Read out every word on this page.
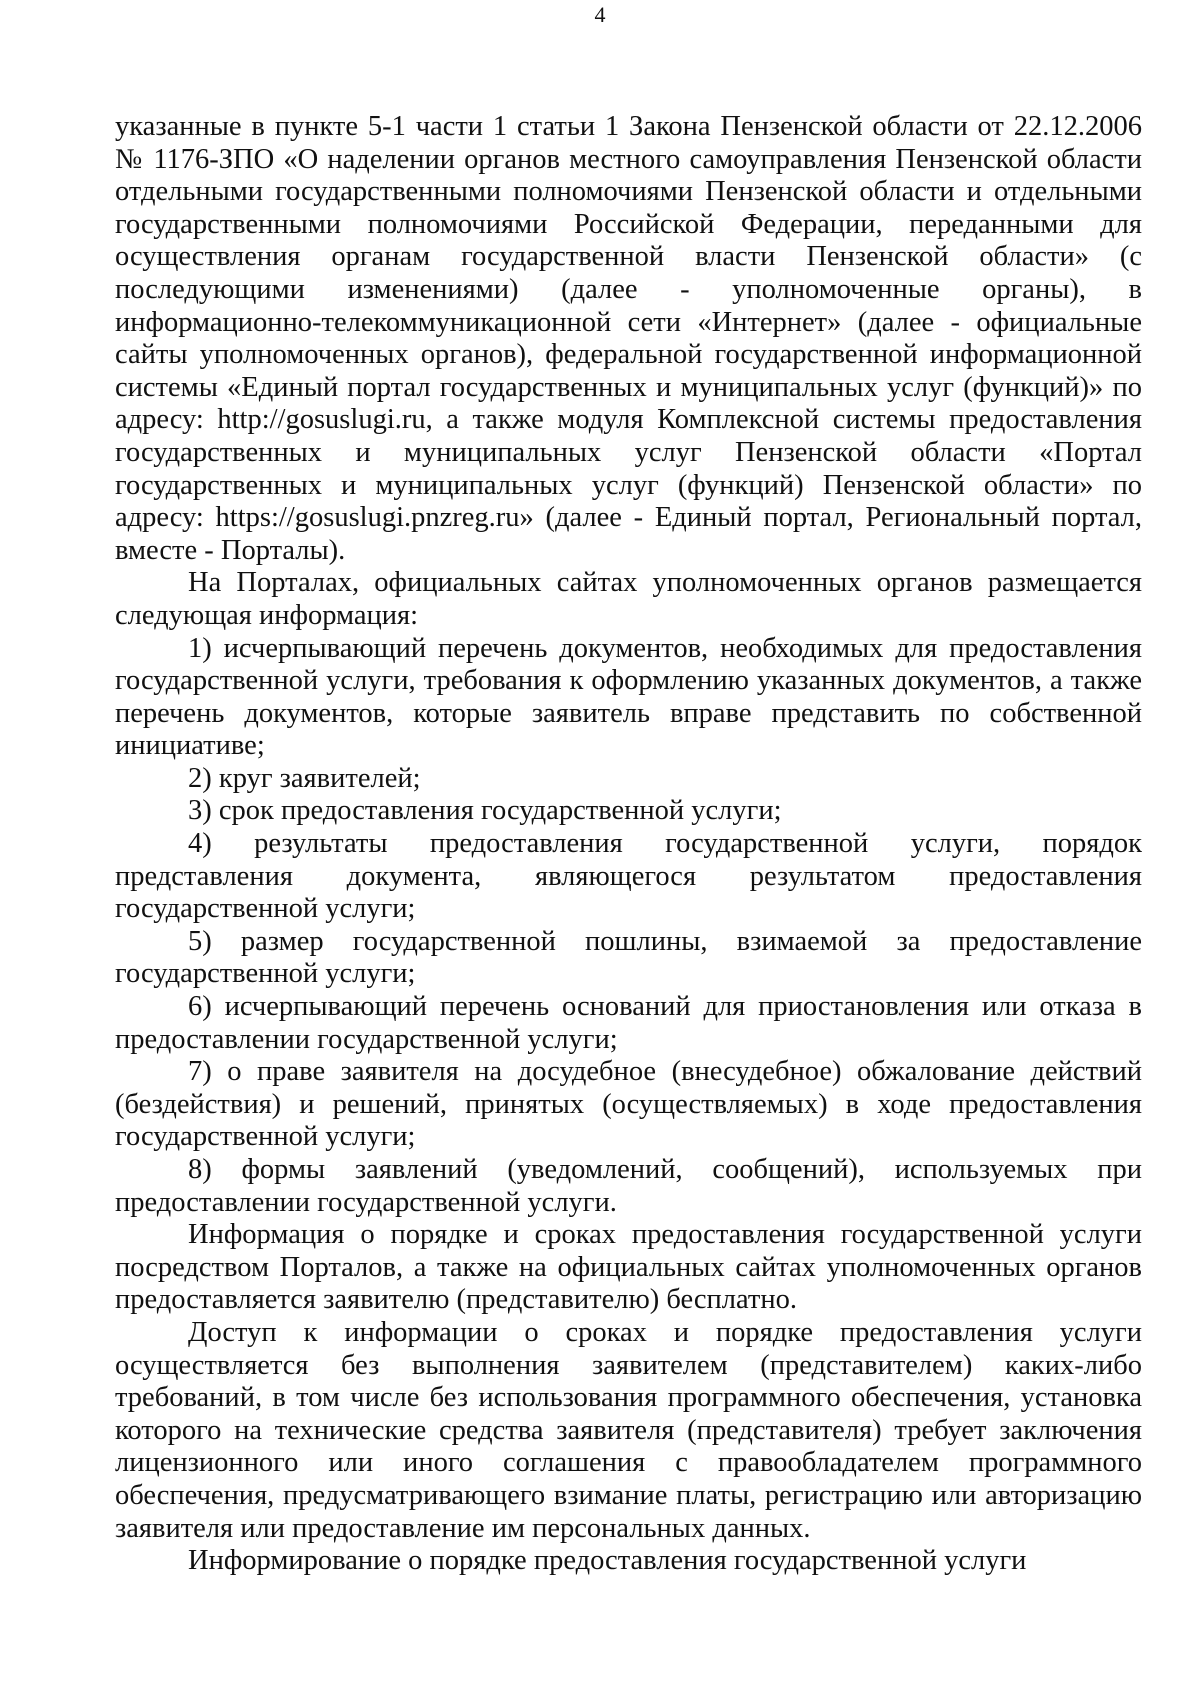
4

указанные в пункте 5-1 части 1 статьи 1 Закона Пензенской области от 22.12.2006 № 1176-ЗПО «О наделении органов местного самоуправления Пензенской области отдельными государственными полномочиями Пензенской области и отдельными государственными полномочиями Российской Федерации, переданными для осуществления органам государственной власти Пензенской области» (с последующими изменениями) (далее - уполномоченные органы), в информационно-телекоммуникационной сети «Интернет» (далее - официальные сайты уполномоченных органов), федеральной государственной информационной системы «Единый портал государственных и муниципальных услуг (функций)» по адресу: http://gosuslugi.ru, а также модуля Комплексной системы предоставления государственных и муниципальных услуг Пензенской области «Портал государственных и муниципальных услуг (функций) Пензенской области» по адресу: https://gosuslugi.pnzreg.ru» (далее - Единый портал, Региональный портал, вместе - Порталы).

На Порталах, официальных сайтах уполномоченных органов размещается следующая информация:

1) исчерпывающий перечень документов, необходимых для предоставления государственной услуги, требования к оформлению указанных документов, а также перечень документов, которые заявитель вправе представить по собственной инициативе;

2) круг заявителей;

3) срок предоставления государственной услуги;

4) результаты предоставления государственной услуги, порядок представления документа, являющегося результатом предоставления государственной услуги;

5) размер государственной пошлины, взимаемой за предоставление государственной услуги;

6) исчерпывающий перечень оснований для приостановления или отказа в предоставлении государственной услуги;

7) о праве заявителя на досудебное (внесудебное) обжалование действий (бездействия) и решений, принятых (осуществляемых) в ходе предоставления государственной услуги;

8) формы заявлений (уведомлений, сообщений), используемых при предоставлении государственной услуги.

Информация о порядке и сроках предоставления государственной услуги посредством Порталов, а также на официальных сайтах уполномоченных органов предоставляется заявителю (представителю) бесплатно.

Доступ к информации о сроках и порядке предоставления услуги осуществляется без выполнения заявителем (представителем) каких-либо требований, в том числе без использования программного обеспечения, установка которого на технические средства заявителя (представителя) требует заключения лицензионного или иного соглашения с правообладателем программного обеспечения, предусматривающего взимание платы, регистрацию или авторизацию заявителя или предоставление им персональных данных.

Информирование о порядке предоставления государственной услуги
